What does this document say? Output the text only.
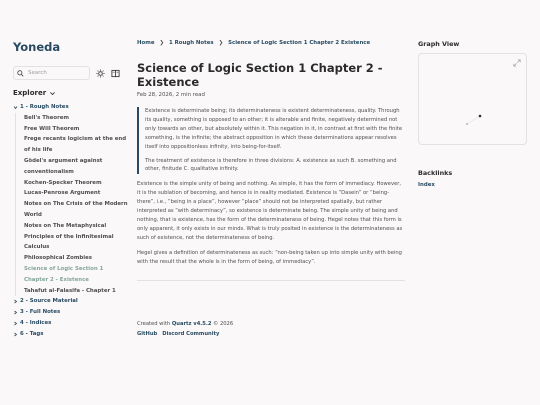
Yoneda
Search
Explorer
1 - Rough Notes
Bell's Theorem
Free Will Theorem
Frege recants logicism at the end of his life
Gödel's argument against conventionalism
Kochen-Specker Theorem
Lucas-Penrose Argument
Notes on The Crisis of the Modern World
Notes on The Metaphysical Principles of the Infinitesimal Calculus
Philosophical Zombies
Science of Logic Section 1 Chapter 2 - Existence
Tahafut al-Falasifa - Chapter 1
2 - Source Material
3 - Full Notes
4 - Indices
6 - Tags
Home ❯ 1 Rough Notes ❯ Science of Logic Section 1 Chapter 2 Existence
Science of Logic Section 1 Chapter 2 - Existence
Feb 28, 2026, 2 min read

Existence is determinate being; its determinateness is existent determinateness, quality. Through its quality, something is opposed to an other; it is alterable and finite, negatively determined not only towards an other, but absolutely within it. This negation in it, in contrast at first with the finite something, is the infinite; the abstract opposition in which these determinations appear resolves itself into oppositionless infinity, into being-for-itself.

The treatment of existence is therefore in three divisions: A. existence as such B. something and other, finitude C. qualitative infinity.

Existence is the simple unity of being and nothing. As simple, it has the form of immediacy. However, it is the sublation of becoming, and hence is in reality mediated. Existence is “Dasein” or “being-there”, i.e., “being in a place”, however “place” should not be interpreted spatially, but rather interpreted as “with determinacy”, so existence is determinate being. The simple unity of being and nothing, that is existence, has the form of the determinateness of being. Hegel notes that this form is only apparent, it only exists in our minds. What is truly posited in existence is the determinateness as such of existence, not the determinateness of being.

Hegel gives a definition of determinateness as such: “non-being taken up into simple unity with being with the result that the whole is in the form of being, of immediacy”.

Created with Quartz v4.5.2 © 2026
GitHub Discord Community
Graph View
Backlinks
Index
